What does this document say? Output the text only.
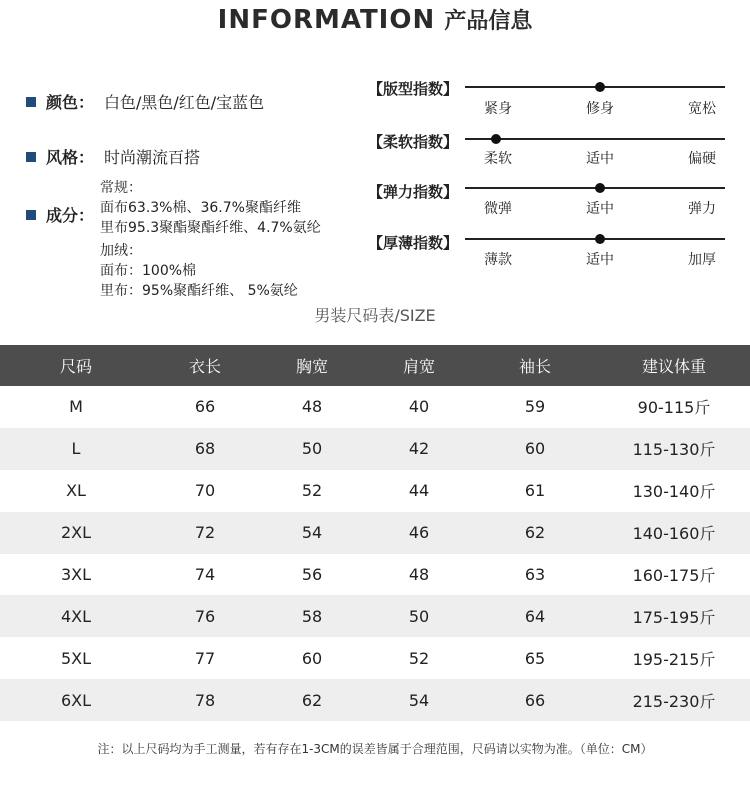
INFORMATION 产品信息
颜色： 白色/黑色/红色/宝蓝色
风格： 时尚潮流百搭
成分：
常规：
面布63.3%棉、36.7%聚酯纤维
里布95.3聚酯聚酯纤维、4.7%氨纶
加绒：
面布：100%棉
里布：95%聚酯纤维、 5%氨纶
【版型指数】
紧身	修身	宽松
【柔软指数】
柔软	适中	偏硬
【弹力指数】
微弹	适中	弹力
【厚薄指数】
薄款	适中	加厚
男装尺码表/SIZE
尺码	衣长	胸宽	肩宽	袖长	建议体重
M	66	48	40	59	90-115斤
L	68	50	42	60	115-130斤
XL	70	52	44	61	130-140斤
2XL	72	54	46	62	140-160斤
3XL	74	56	48	63	160-175斤
4XL	76	58	50	64	175-195斤
5XL	77	60	52	65	195-215斤
6XL	78	62	54	66	215-230斤
注：以上尺码均为手工测量，若有存在1-3CM的误差皆属于合理范围，尺码请以实物为准。（单位：CM）
